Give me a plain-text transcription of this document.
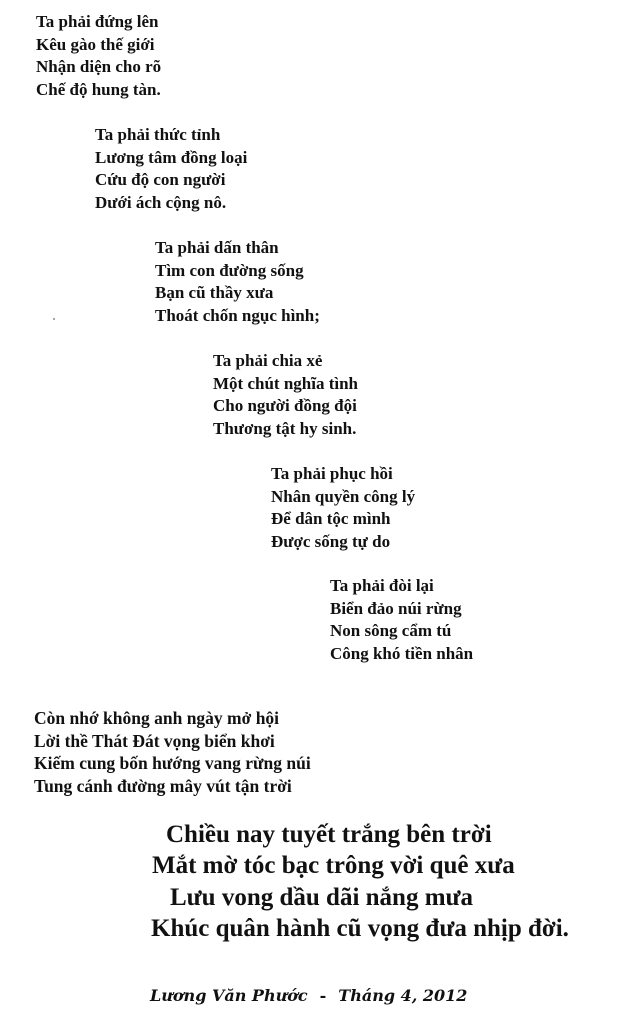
Ta phải đứng lên
Kêu gào thế giới
Nhận diện cho rõ
Chế độ hung tàn.
Ta phải thức tỉnh
Lương tâm đồng loại
Cứu độ con người
Dưới ách cộng nô.
Ta phải dấn thân
Tìm con đường sống
Bạn cũ thầy xưa
Thoát chốn ngục hình;
Ta phải chia xẻ
Một chút nghĩa tình
Cho người đồng đội
Thương tật hy sinh.
Ta phải phục hồi
Nhân quyền công lý
Để dân tộc mình
Được sống tự do
Ta phải đòi lại
Biển đảo núi rừng
Non sông cẩm tú
Công khó tiền nhân
Còn nhớ không anh ngày mở hội
Lời thề Thát Đát vọng biển khơi
Kiếm cung bốn hướng vang rừng núi
Tung cánh đường mây vút tận trời
Chiều nay tuyết trắng bên trời
Mắt mờ tóc bạc trông vời quê xưa
Lưu vong dầu dãi nắng mưa
Khúc quân hành cũ vọng đưa nhịp đời.
Lương Văn Phước - Tháng 4, 2012
